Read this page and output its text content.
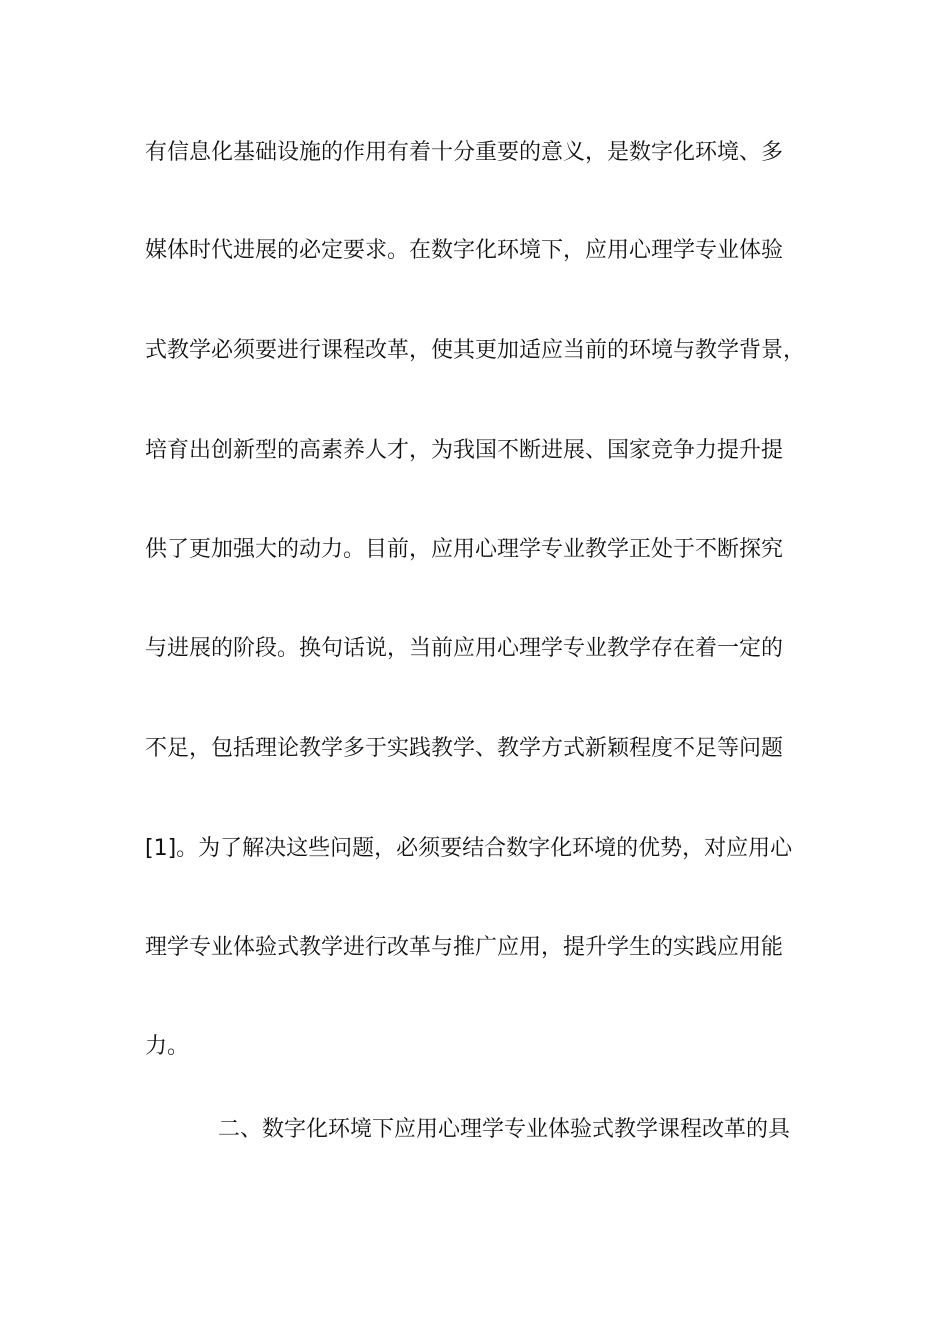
有信息化基础设施的作用有着十分重要的意义，是数字化环境、多
媒体时代进展的必定要求。在数字化环境下，应用心理学专业体验
式教学必须要进行课程改革，使其更加适应当前的环境与教学背景，
培育出创新型的高素养人才，为我国不断进展、国家竞争力提升提
供了更加强大的动力。目前，应用心理学专业教学正处于不断探究
与进展的阶段。换句话说，当前应用心理学专业教学存在着一定的
不足，包括理论教学多于实践教学、教学方式新颖程度不足等问题
[1]。为了解决这些问题，必须要结合数字化环境的优势，对应用心
理学专业体验式教学进行改革与推广应用，提升学生的实践应用能
力。
二、数字化环境下应用心理学专业体验式教学课程改革的具
